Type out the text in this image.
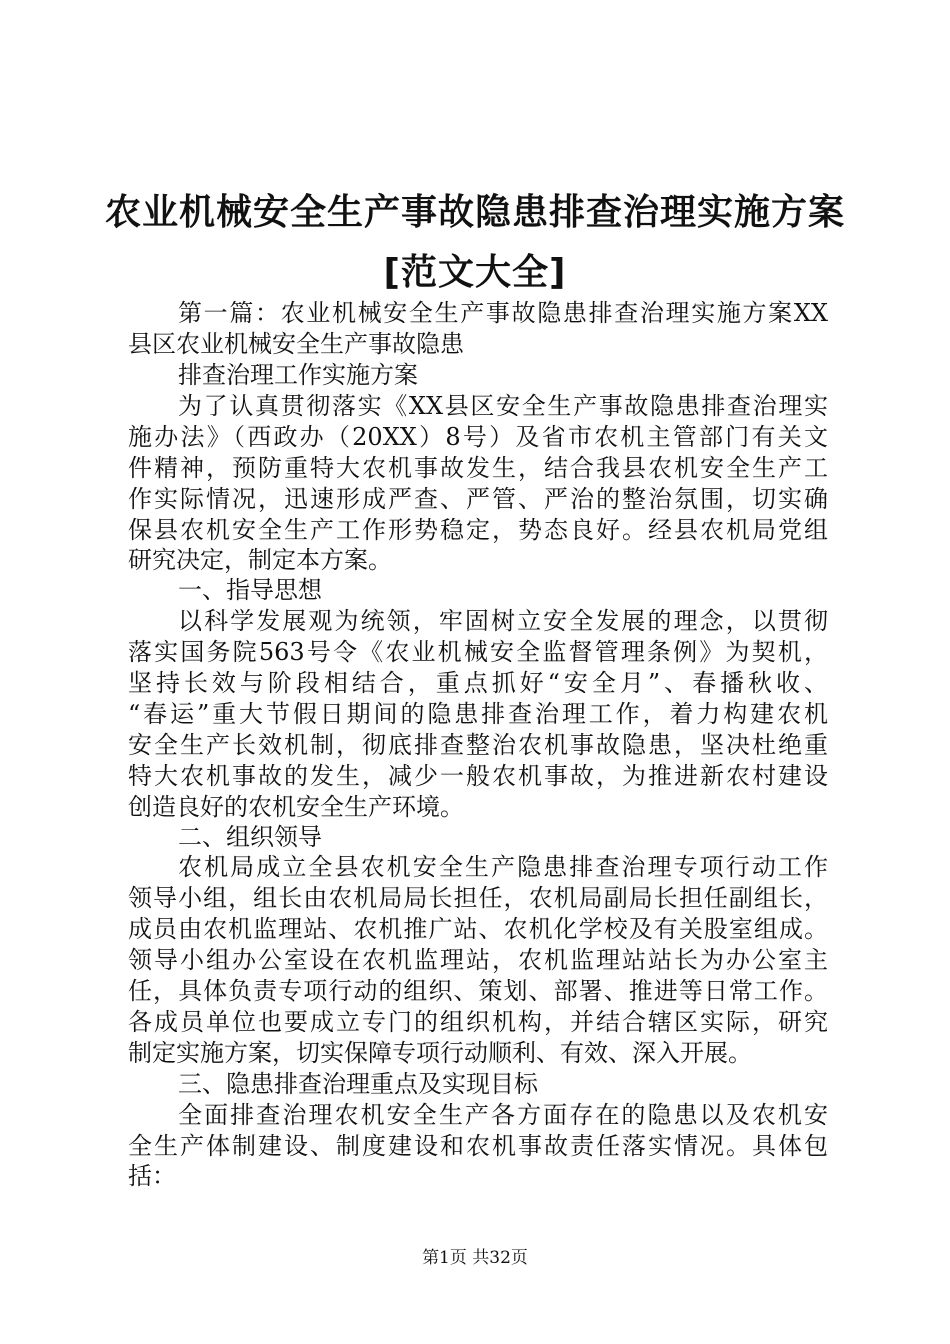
农业机械安全生产事故隐患排查治理实施方案
[范文大全]
第一篇：农业机械安全生产事故隐患排查治理实施方案XX
县区农业机械安全生产事故隐患
排查治理工作实施方案
为了认真贯彻落实《XX县区安全生产事故隐患排查治理实
施办法》（西政办（20XX）8号）及省市农机主管部门有关文
件精神，预防重特大农机事故发生，结合我县农机安全生产工
作实际情况，迅速形成严查、严管、严治的整治氛围，切实确
保县农机安全生产工作形势稳定，势态良好。经县农机局党组
研究决定，制定本方案。
一、指导思想
以科学发展观为统领，牢固树立安全发展的理念，以贯彻
落实国务院563号令《农业机械安全监督管理条例》为契机，
坚持长效与阶段相结合，重点抓好“安全月”、春播秋收、
“春运”重大节假日期间的隐患排查治理工作，着力构建农机
安全生产长效机制，彻底排查整治农机事故隐患，坚决杜绝重
特大农机事故的发生，减少一般农机事故，为推进新农村建设
创造良好的农机安全生产环境。
二、组织领导
农机局成立全县农机安全生产隐患排查治理专项行动工作
领导小组，组长由农机局局长担任，农机局副局长担任副组长，
成员由农机监理站、农机推广站、农机化学校及有关股室组成。
领导小组办公室设在农机监理站，农机监理站站长为办公室主
任，具体负责专项行动的组织、策划、部署、推进等日常工作。
各成员单位也要成立专门的组织机构，并结合辖区实际，研究
制定实施方案，切实保障专项行动顺利、有效、深入开展。
三、隐患排查治理重点及实现目标
全面排查治理农机安全生产各方面存在的隐患以及农机安
全生产体制建设、制度建设和农机事故责任落实情况。具体包
括：
第1页 共32页
